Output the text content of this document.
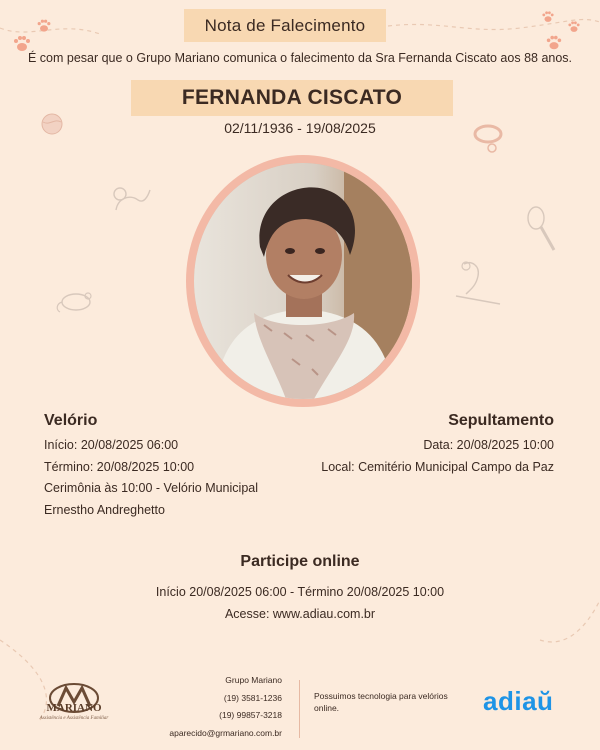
Nota de Falecimento
É com pesar que o Grupo Mariano comunica o falecimento da Sra Fernanda Ciscato aos 88 anos.
FERNANDA CISCATO
02/11/1936 - 19/08/2025
Velório
Início: 20/08/2025 06:00
Término: 20/08/2025 10:00
Cerimônia às 10:00 - Velório Municipal
Ernestho Andreghetto
Sepultamento
Data: 20/08/2025 10:00
Local: Cemitério Municipal Campo da Paz
Participe online
Início 20/08/2025 06:00 - Término 20/08/2025 10:00
Acesse: www.adiau.com.br
MARIANO
Assistência e Assistência Familiar
Grupo Mariano
(19) 3581-1236
(19) 99857-3218
aparecido@grmariano.com.br
Possuimos tecnologia para velórios online.	adiaŭ
